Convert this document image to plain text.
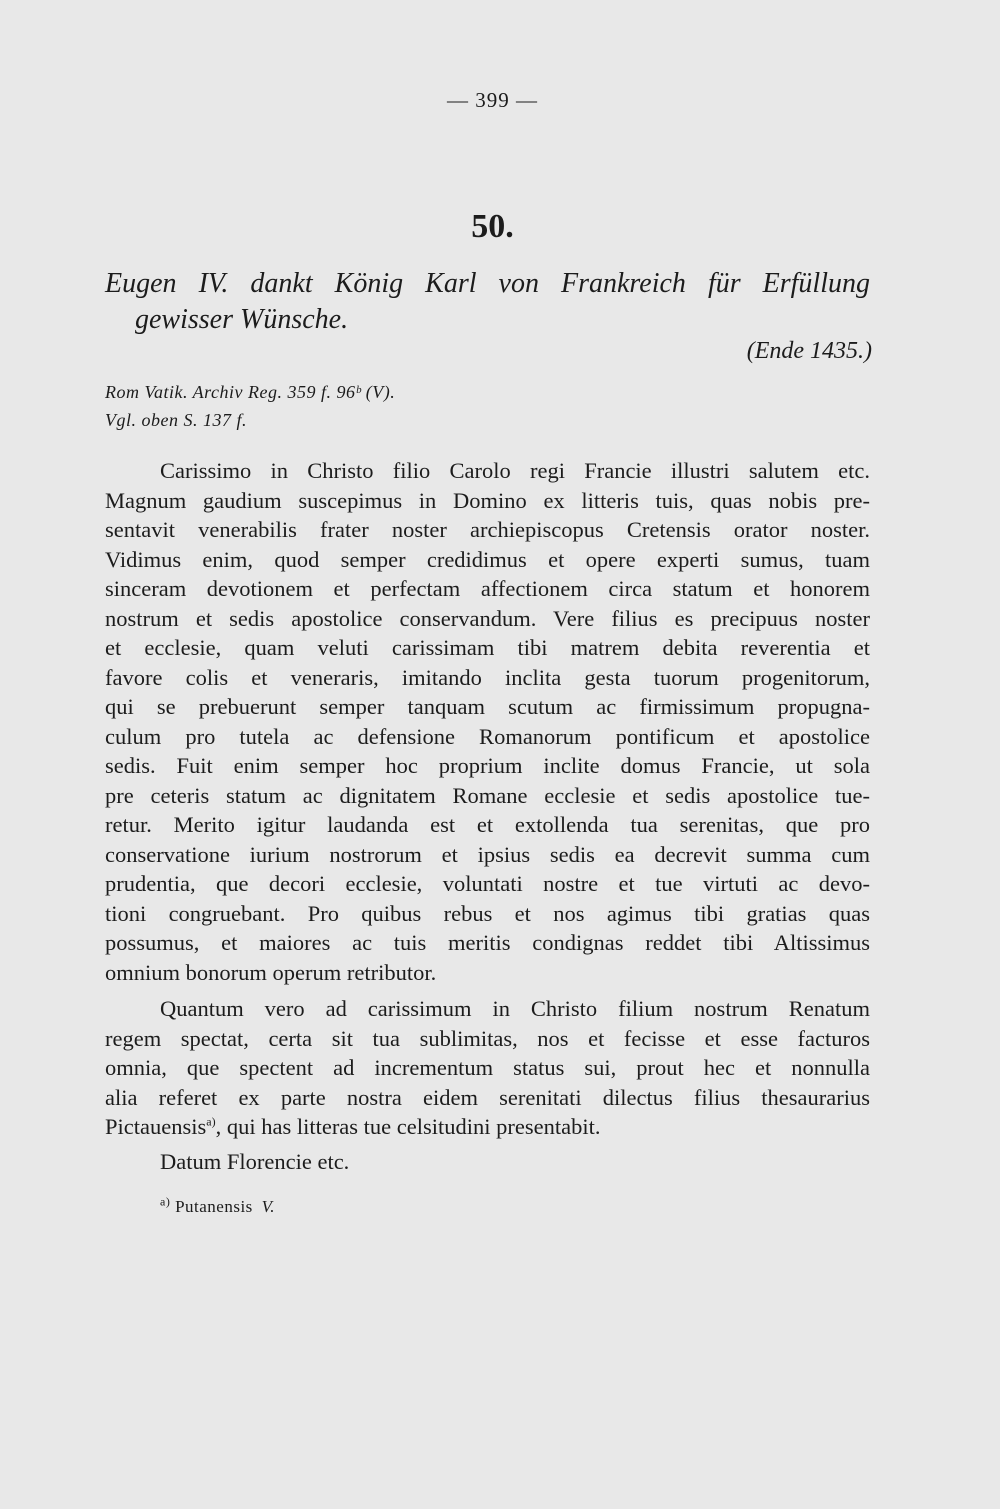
— 399 —
50.
Eugen IV. dankt König Karl von Frankreich für Erfüllung
gewisser Wünsche.
(Ende 1435.)
Rom Vatik. Archiv Reg. 359 f. 96ᵇ (V).
Vgl. oben S. 137 f.
Carissimo in Christo filio Carolo regi Francie illustri salutem etc.
Magnum gaudium suscepimus in Domino ex litteris tuis, quas nobis pre-
sentavit venerabilis frater noster archiepiscopus Cretensis orator noster.
Vidimus enim, quod semper credidimus et opere experti sumus, tuam
sinceram devotionem et perfectam affectionem circa statum et honorem
nostrum et sedis apostolice conservandum. Vere filius es precipuus noster
et ecclesie, quam veluti carissimam tibi matrem debita reverentia et
favore colis et veneraris, imitando inclita gesta tuorum progenitorum,
qui se prebuerunt semper tanquam scutum ac firmissimum propugna-
culum pro tutela ac defensione Romanorum pontificum et apostolice
sedis. Fuit enim semper hoc proprium inclite domus Francie, ut sola
pre ceteris statum ac dignitatem Romane ecclesie et sedis apostolice tue-
retur. Merito igitur laudanda est et extollenda tua serenitas, que pro
conservatione iurium nostrorum et ipsius sedis ea decrevit summa cum
prudentia, que decori ecclesie, voluntati nostre et tue virtuti ac devo-
tioni congruebant. Pro quibus rebus et nos agimus tibi gratias quas
possumus, et maiores ac tuis meritis condignas reddet tibi Altissimus
omnium bonorum operum retributor.
Quantum vero ad carissimum in Christo filium nostrum Renatum
regem spectat, certa sit tua sublimitas, nos et fecisse et esse facturos
omnia, que spectent ad incrementum status sui, prout hec et nonnulla
alia referet ex parte nostra eidem serenitati dilectus filius thesaurarius
Pictauensis$^{a)}$, qui has litteras tue celsitudini presentabit.
Datum Florencie etc.
$^{a)}$ Putanensis V.
